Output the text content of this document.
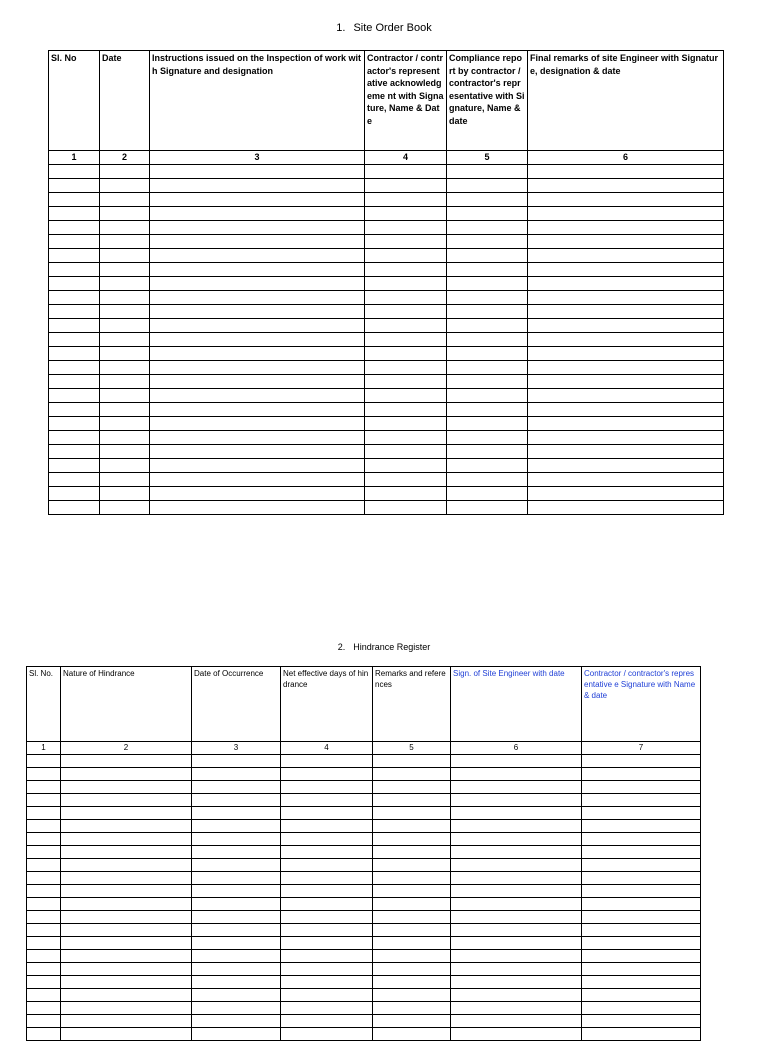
1. Site Order Book
Sl. No	Date	Instructions issued on the Inspection of work with Signature and designation	Contractor / contractor's representative acknowledgeme nt with Signature, Name & Date	Compliance report by contractor / contractor's representative with Signature, Name & date	Final remarks of site Engineer with Signature, designation & date
1	2	3	4	5	6

2. Hindrance Register
Sl. No.	Nature of Hindrance	Date of Occurrence	Net effective days of hindrance	Remarks and references	Sign. of Site Engineer with date	Contractor / contractor's representative e Signature with Name & date
1	2	3	4	5	6	7
